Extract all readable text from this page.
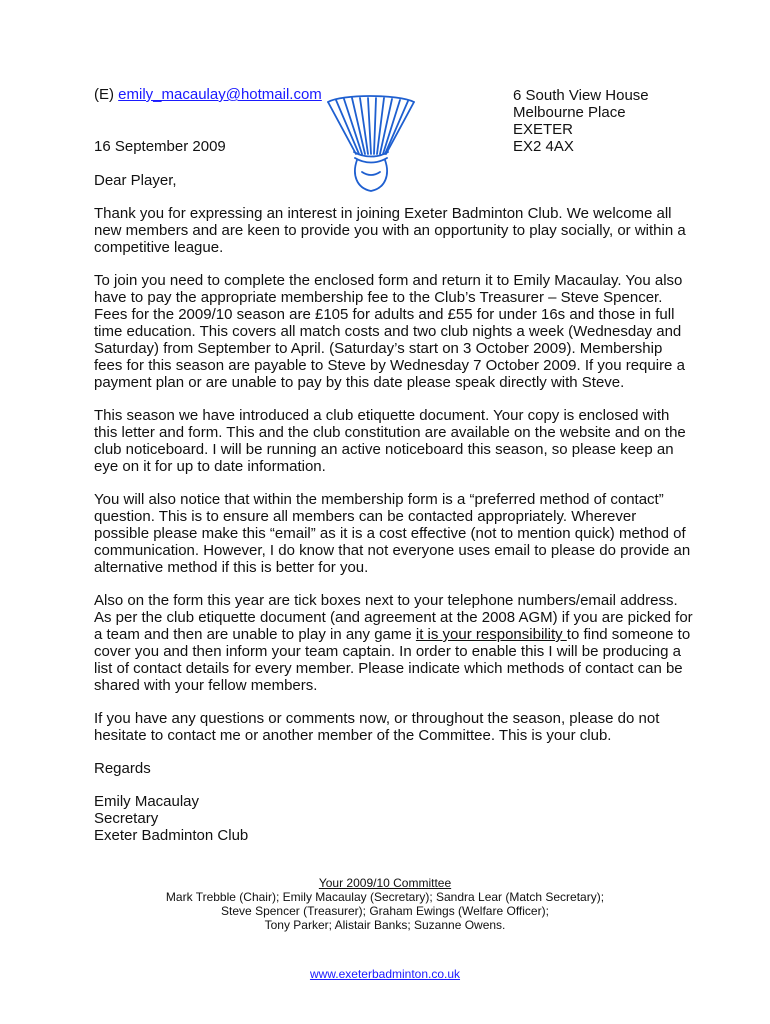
(E) emily_macaulay@hotmail.com	6 South View House
Melbourne Place
EXETER
EX2 4AX
16 September 2009
Dear Player,

Thank you for expressing an interest in joining Exeter Badminton Club. We welcome all new members and are keen to provide you with an opportunity to play socially, or within a competitive league.

To join you need to complete the enclosed form and return it to Emily Macaulay. You also have to pay the appropriate membership fee to the Club’s Treasurer – Steve Spencer. Fees for the 2009/10 season are £105 for adults and £55 for under 16s and those in full time education. This covers all match costs and two club nights a week (Wednesday and Saturday) from September to April. (Saturday’s start on 3 October 2009). Membership fees for this season are payable to Steve by Wednesday 7 October 2009. If you require a payment plan or are unable to pay by this date please speak directly with Steve.

This season we have introduced a club etiquette document. Your copy is enclosed with this letter and form. This and the club constitution are available on the website and on the club noticeboard. I will be running an active noticeboard this season, so please keep an eye on it for up to date information.

You will also notice that within the membership form is a “preferred method of contact” question. This is to ensure all members can be contacted appropriately. Wherever possible please make this “email” as it is a cost effective (not to mention quick) method of communication. However, I do know that not everyone uses email to please do provide an alternative method if this is better for you.

Also on the form this year are tick boxes next to your telephone numbers/email address. As per the club etiquette document (and agreement at the 2008 AGM) if you are picked for a team and then are unable to play in any game it is your responsibility to find someone to cover you and then inform your team captain. In order to enable this I will be producing a list of contact details for every member. Please indicate which methods of contact can be shared with your fellow members.

If you have any questions or comments now, or throughout the season, please do not hesitate to contact me or another member of the Committee. This is your club.

Regards

Emily Macaulay
Secretary
Exeter Badminton Club
Your 2009/10 Committee
Mark Trebble (Chair); Emily Macaulay (Secretary); Sandra Lear (Match Secretary);
Steve Spencer (Treasurer); Graham Ewings (Welfare Officer);
Tony Parker; Alistair Banks; Suzanne Owens.
www.exeterbadminton.co.uk
